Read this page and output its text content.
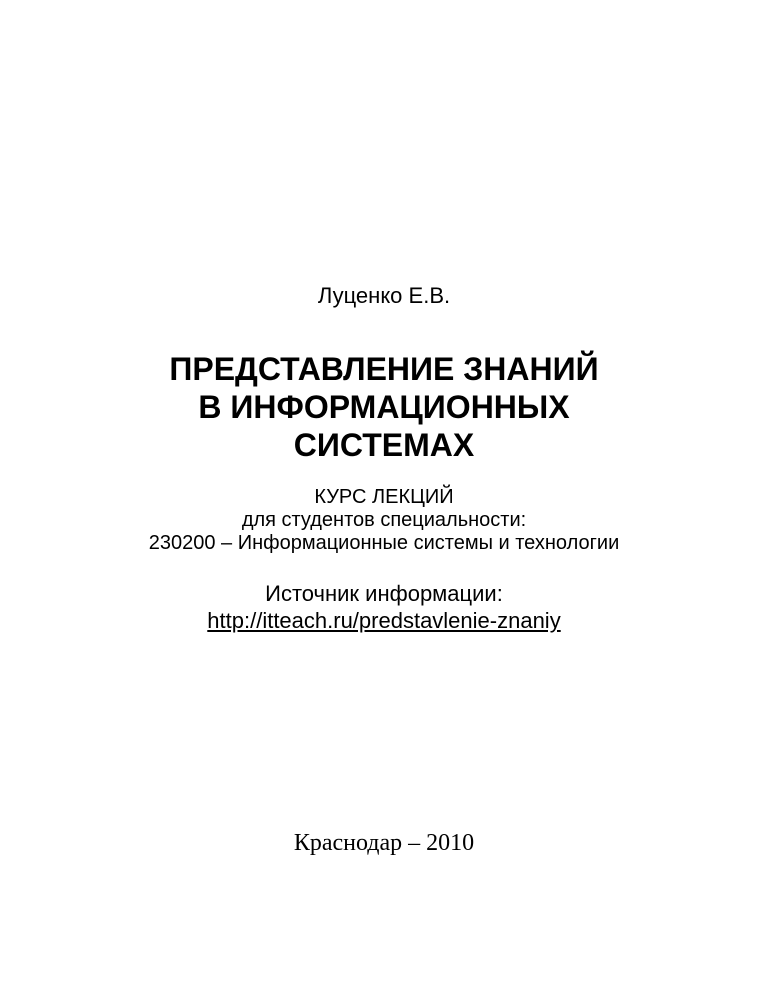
Луценко Е.В.
ПРЕДСТАВЛЕНИЕ ЗНАНИЙ
В ИНФОРМАЦИОННЫХ
СИСТЕМАХ
КУРС ЛЕКЦИЙ
для студентов специальности:
230200 – Информационные системы и технологии
Источник информации:
http://itteach.ru/predstavlenie-znaniy
Краснодар – 2010
